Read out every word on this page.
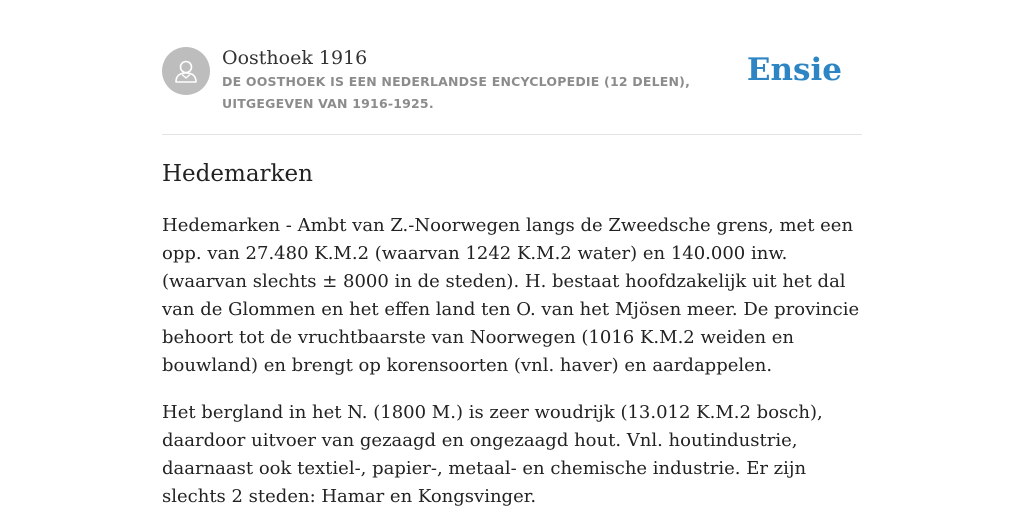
Oosthoek 1916

DE OOSTHOEK IS EEN NEDERLANDSE ENCYCLOPEDIE (12 DELEN), UITGEGEVEN VAN 1916-1925.

Ensie
Hedemarken

Hedemarken - Ambt van Z.-Noorwegen langs de Zweedsche grens, met een opp. van 27.480 K.M.2 (waarvan 1242 K.M.2 water) en 140.000 inw. (waarvan slechts ± 8000 in de steden). H. bestaat hoofdzakelijk uit het dal van de Glommen en het effen land ten O. van het Mjösen meer. De provincie behoort tot de vruchtbaarste van Noorwegen (1016 K.M.2 weiden en bouwland) en brengt op korensoorten (vnl. haver) en aardappelen.

Het bergland in het N. (1800 M.) is zeer woudrijk (13.012 K.M.2 bosch), daardoor uitvoer van gezaagd en ongezaagd hout. Vnl. houtindustrie, daarnaast ook textiel-, papier-, metaal- en chemische industrie. Er zijn slechts 2 steden: Hamar en Kongsvinger.
